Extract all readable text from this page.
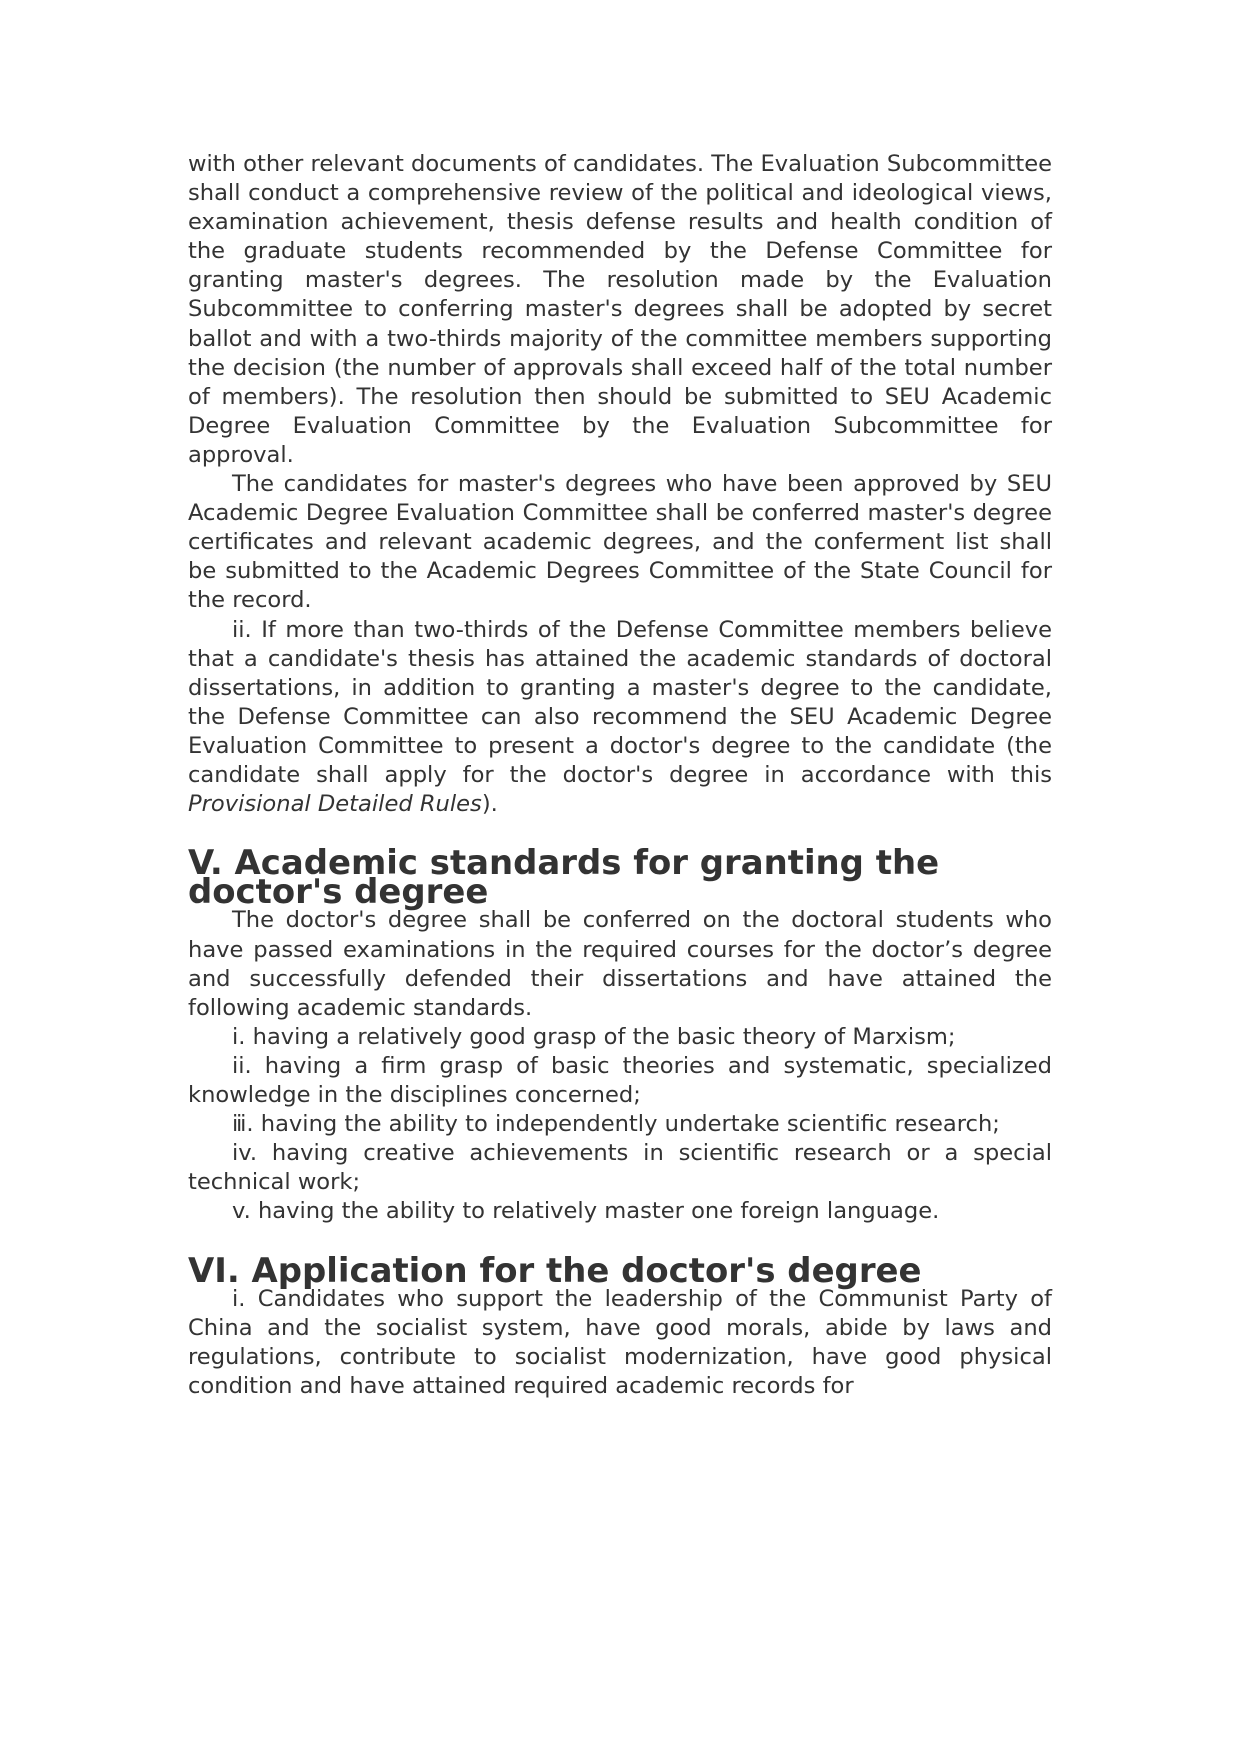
with other relevant documents of candidates. The Evaluation Subcommittee shall conduct a comprehensive review of the political and ideological views, examination achievement, thesis defense results and health condition of the graduate students recommended by the Defense Committee for granting master's degrees. The resolution made by the Evaluation Subcommittee to conferring master's degrees shall be adopted by secret ballot and with a two-thirds majority of the committee members supporting the decision (the number of approvals shall exceed half of the total number of members). The resolution then should be submitted to SEU Academic Degree Evaluation Committee by the Evaluation Subcommittee for approval.

The candidates for master's degrees who have been approved by SEU Academic Degree Evaluation Committee shall be conferred master's degree certificates and relevant academic degrees, and the conferment list shall be submitted to the Academic Degrees Committee of the State Council for the record.

ii. If more than two-thirds of the Defense Committee members believe that a candidate's thesis has attained the academic standards of doctoral dissertations, in addition to granting a master's degree to the candidate, the Defense Committee can also recommend the SEU Academic Degree Evaluation Committee to present a doctor's degree to the candidate (the candidate shall apply for the doctor's degree in accordance with this Provisional Detailed Rules).

V. Academic standards for granting the doctor's degree

The doctor's degree shall be conferred on the doctoral students who have passed examinations in the required courses for the doctor’s degree and successfully defended their dissertations and have attained the following academic standards.

i. having a relatively good grasp of the basic theory of Marxism;

ii. having a firm grasp of basic theories and systematic, specialized knowledge in the disciplines concerned;

ⅲ. having the ability to independently undertake scientific research;

iv. having creative achievements in scientific research or a special technical work;

v. having the ability to relatively master one foreign language.

VI. Application for the doctor's degree

i. Candidates who support the leadership of the Communist Party of China and the socialist system, have good morals, abide by laws and regulations, contribute to socialist modernization, have good physical condition and have attained required academic records for
